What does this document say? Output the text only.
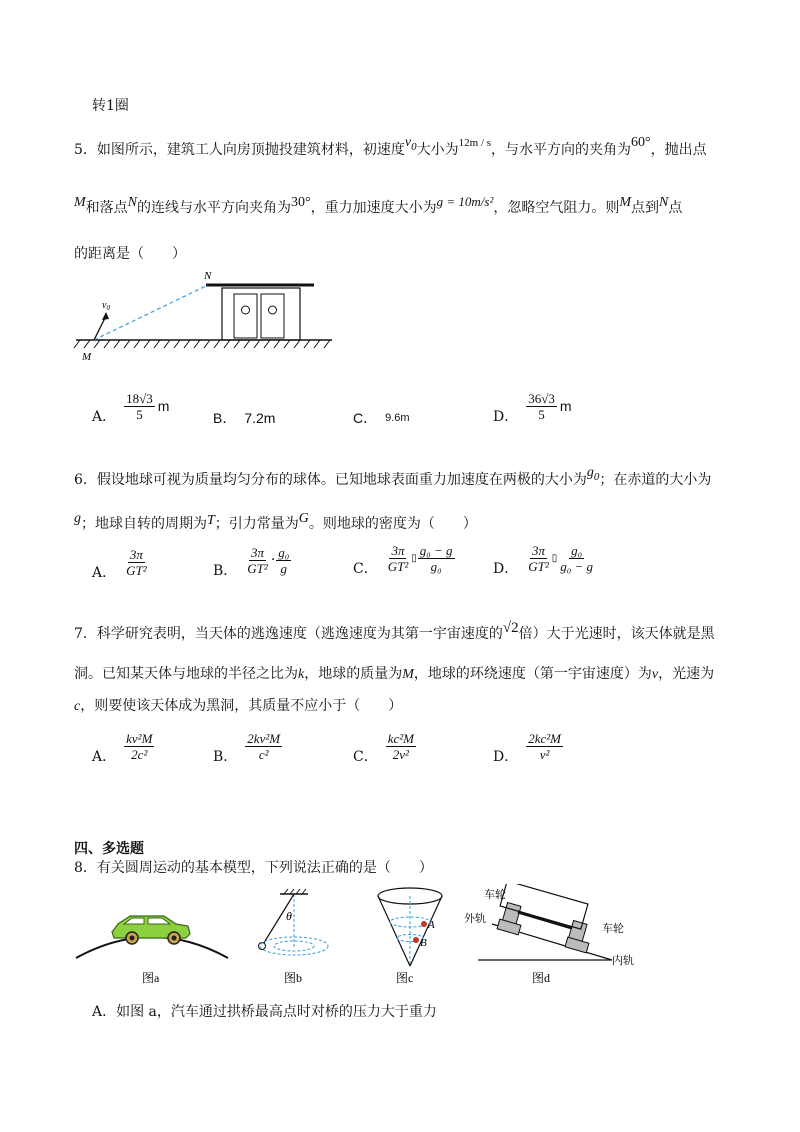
转1圈
5．如图所示，建筑工人向房顶抛投建筑材料，初速度$v_0$大小为$^{12m / s}$，与水平方向的夹角为60°，抛出点
M和落点N的连线与水平方向夹角为30°，重力加速度大小为g = 10m/s²，忽略空气阻力。则M点到N点
的距离是（　　）
$v_0$
M
N
A． $\frac{18√3}{5}$ m
B． 7.2m	C． 9.6m	D． $\frac{36√3}{5}$ m
6．假设地球可视为质量均匀分布的球体。已知地球表面重力加速度在两极的大小为$g_0$；在赤道的大小为
g；地球自转的周期为T；引力常量为G。则地球的密度为（　　）
A． $\frac{3\pi}{\text{GT²}}$	B． $\frac{3\pi}{\text{GT²}} \cdot \frac{\text{g₀}}{g}$	C． $\frac{3\pi}{\text{GT²}}$ ▯ $\frac{\text{g₀ − g}}{\text{g₀}}$	D． $\frac{3\pi}{\text{GT²}}$ ▯ $\frac{\text{g₀}}{\text{g₀ − g}}$
7．科学研究表明，当天体的逃逸速度（逃逸速度为其第一宇宙速度的√2倍）大于光速时，该天体就是黑
洞。已知某天体与地球的半径之比为k，地球的质量为M，地球的环绕速度（第一宇宙速度）为v，光速为
c，则要使该天体成为黑洞，其质量不应小于（　　）
A． $\frac{\text{kv²M}}{\text{2c²}}$	B． $\frac{\text{2kv²M}}{\text{c²}}$	C． $\frac{\text{kc²M}}{\text{2v²}}$	D． $\frac{\text{2kc²M}}{\text{v²}}$
四、多选题
8．有关圆周运动的基本模型，下列说法正确的是（　　）
图a
θ
图b
A
B
图c
车轮
外轨
车轮
内轨
图d
A．如图 a，汽车通过拱桥最高点时对桥的压力大于重力
